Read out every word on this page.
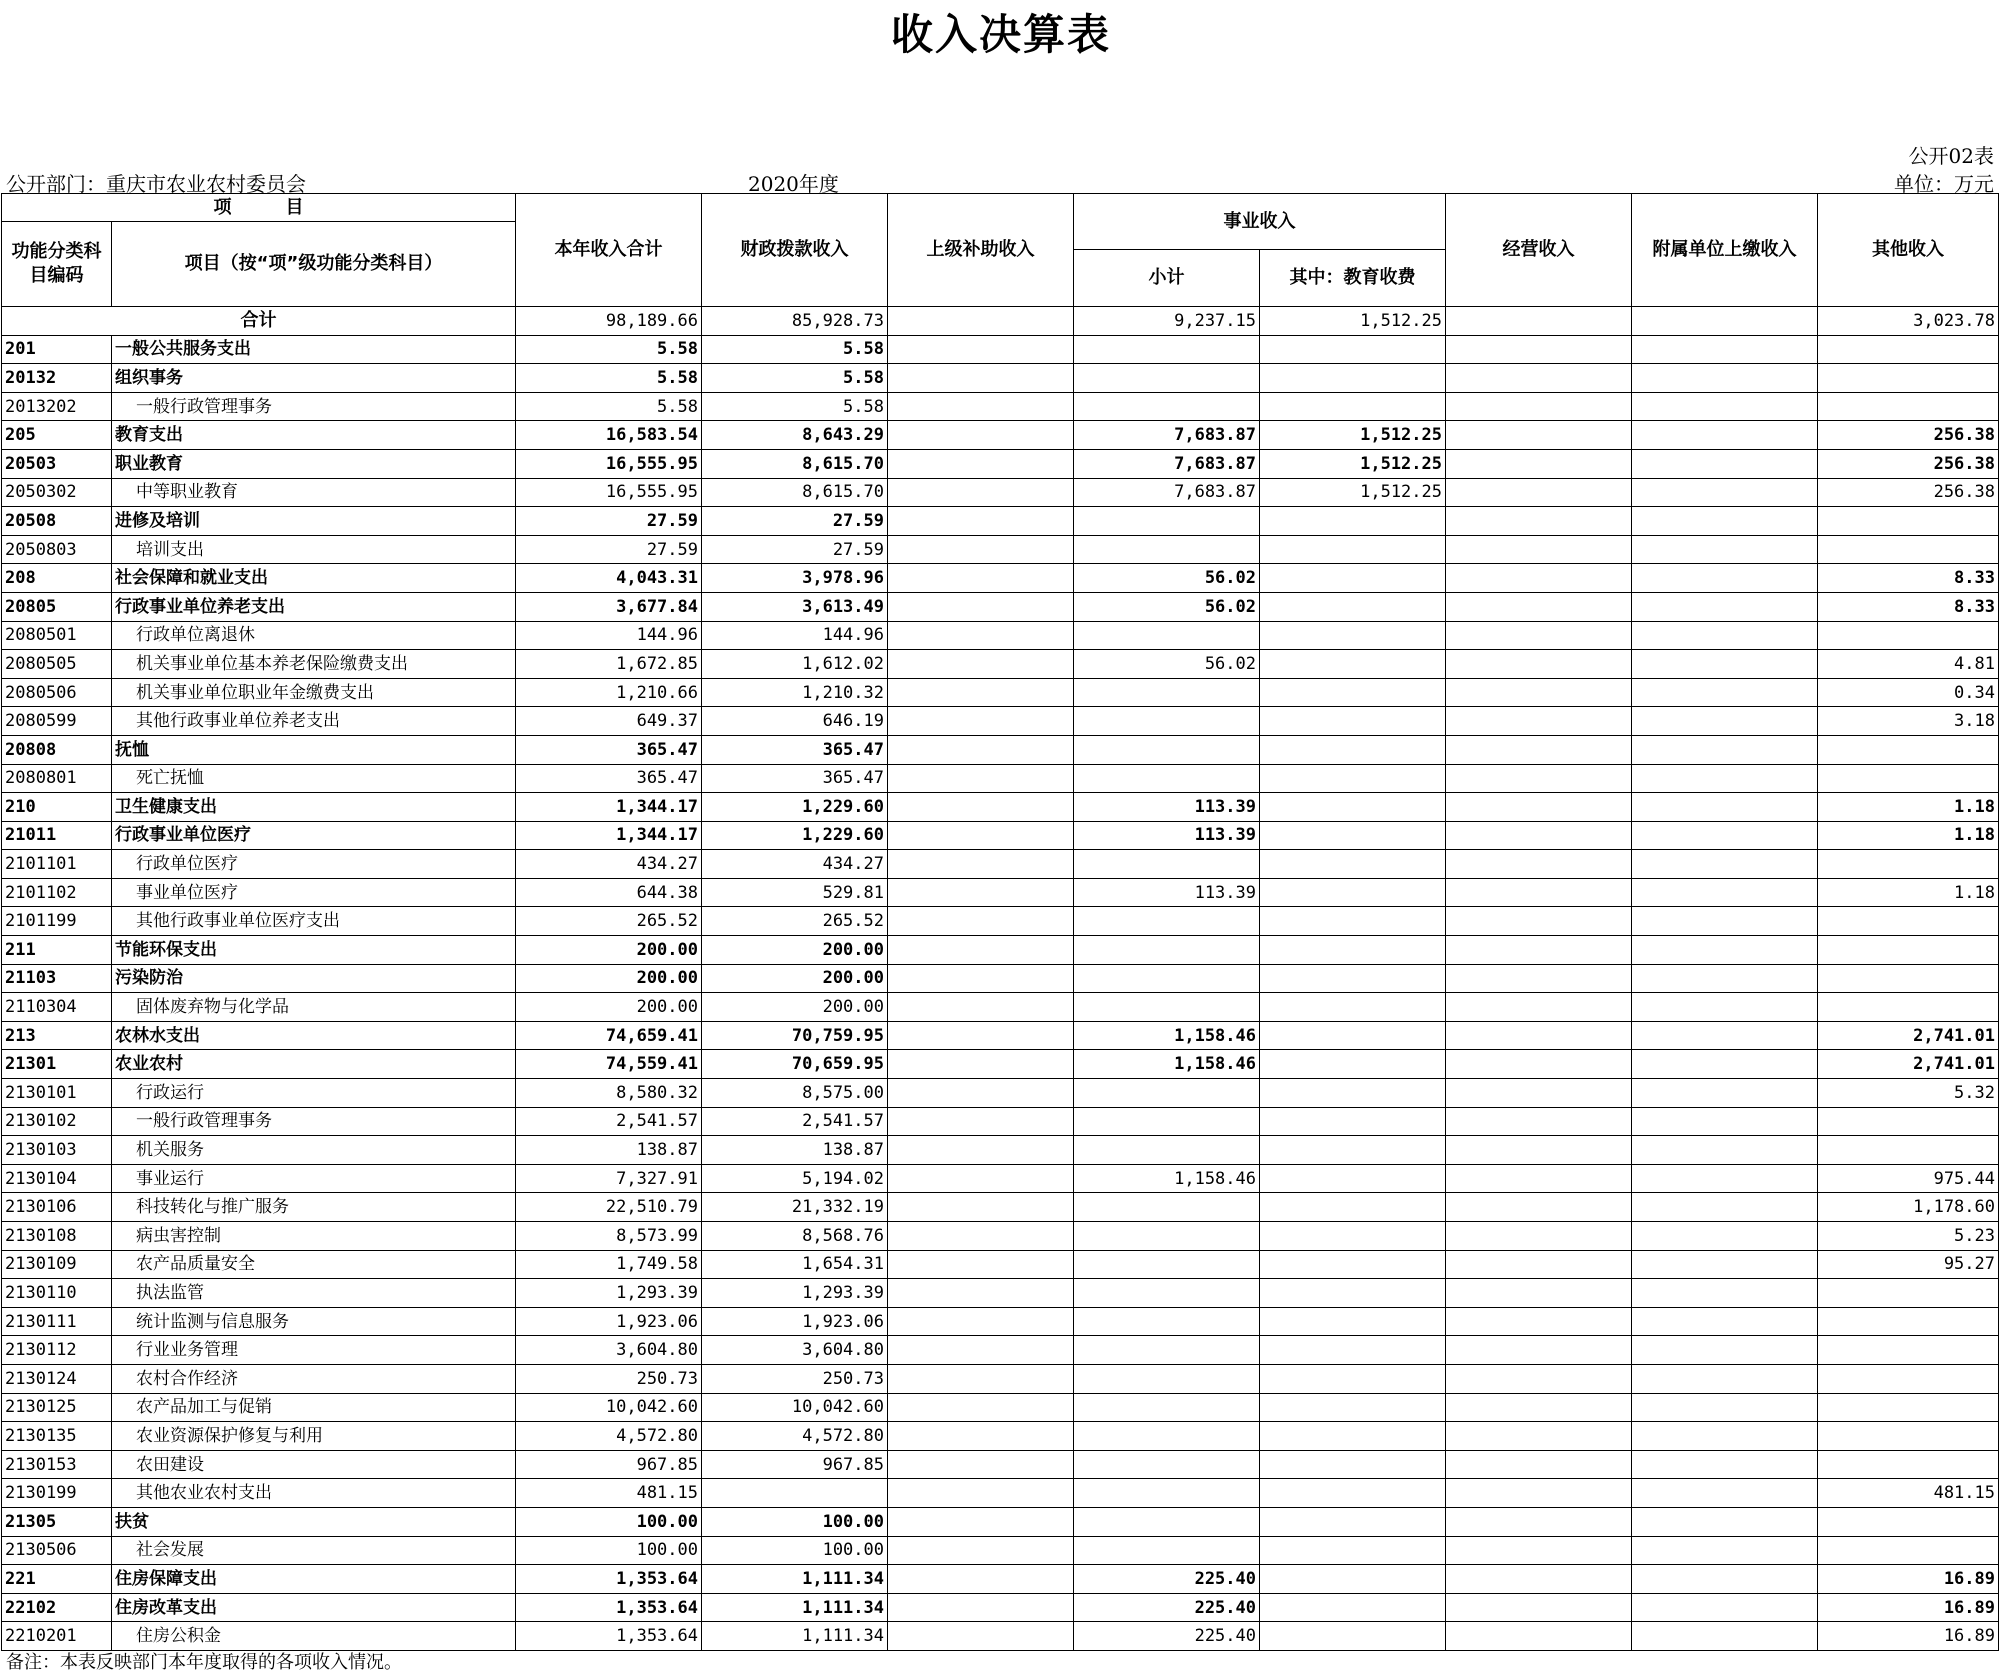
收入决算表
公开02表
公开部门：重庆市农业农村委员会	2020年度	单位：万元
项　　　目		本年收入合计	财政拨款收入	上级补助收入	事业收入		经营收入	附属单位上缴收入	其他收入
功能分类科目编码	项目（按“项”级功能分类科目）								
					小计	其中：教育收费			
合计		98,189.66	85,928.73		9,237.15	1,512.25			3,023.78
201	一般公共服务支出	5.58	5.58						
20132	组织事务	5.58	5.58						
2013202	一般行政管理事务	5.58	5.58						
205	教育支出	16,583.54	8,643.29		7,683.87	1,512.25			256.38
20503	职业教育	16,555.95	8,615.70		7,683.87	1,512.25			256.38
2050302	中等职业教育	16,555.95	8,615.70		7,683.87	1,512.25			256.38
20508	进修及培训	27.59	27.59						
2050803	培训支出	27.59	27.59						
208	社会保障和就业支出	4,043.31	3,978.96		56.02				8.33
20805	行政事业单位养老支出	3,677.84	3,613.49		56.02				8.33
2080501	行政单位离退休	144.96	144.96						
2080505	机关事业单位基本养老保险缴费支出	1,672.85	1,612.02		56.02				4.81
2080506	机关事业单位职业年金缴费支出	1,210.66	1,210.32						0.34
2080599	其他行政事业单位养老支出	649.37	646.19						3.18
20808	抚恤	365.47	365.47						
2080801	死亡抚恤	365.47	365.47						
210	卫生健康支出	1,344.17	1,229.60		113.39				1.18
21011	行政事业单位医疗	1,344.17	1,229.60		113.39				1.18
2101101	行政单位医疗	434.27	434.27						
2101102	事业单位医疗	644.38	529.81		113.39				1.18
2101199	其他行政事业单位医疗支出	265.52	265.52						
211	节能环保支出	200.00	200.00						
21103	污染防治	200.00	200.00						
2110304	固体废弃物与化学品	200.00	200.00						
213	农林水支出	74,659.41	70,759.95		1,158.46				2,741.01
21301	农业农村	74,559.41	70,659.95		1,158.46				2,741.01
2130101	行政运行	8,580.32	8,575.00						5.32
2130102	一般行政管理事务	2,541.57	2,541.57						
2130103	机关服务	138.87	138.87						
2130104	事业运行	7,327.91	5,194.02		1,158.46				975.44
2130106	科技转化与推广服务	22,510.79	21,332.19						1,178.60
2130108	病虫害控制	8,573.99	8,568.76						5.23
2130109	农产品质量安全	1,749.58	1,654.31						95.27
2130110	执法监管	1,293.39	1,293.39						
2130111	统计监测与信息服务	1,923.06	1,923.06						
2130112	行业业务管理	3,604.80	3,604.80						
2130124	农村合作经济	250.73	250.73						
2130125	农产品加工与促销	10,042.60	10,042.60						
2130135	农业资源保护修复与利用	4,572.80	4,572.80						
2130153	农田建设	967.85	967.85						
2130199	其他农业农村支出	481.15							481.15
21305	扶贫	100.00	100.00						
2130506	社会发展	100.00	100.00						
221	住房保障支出	1,353.64	1,111.34		225.40				16.89
22102	住房改革支出	1,353.64	1,111.34		225.40				16.89
2210201	住房公积金	1,353.64	1,111.34		225.40				16.89
备注：本表反映部门本年度取得的各项收入情况。
